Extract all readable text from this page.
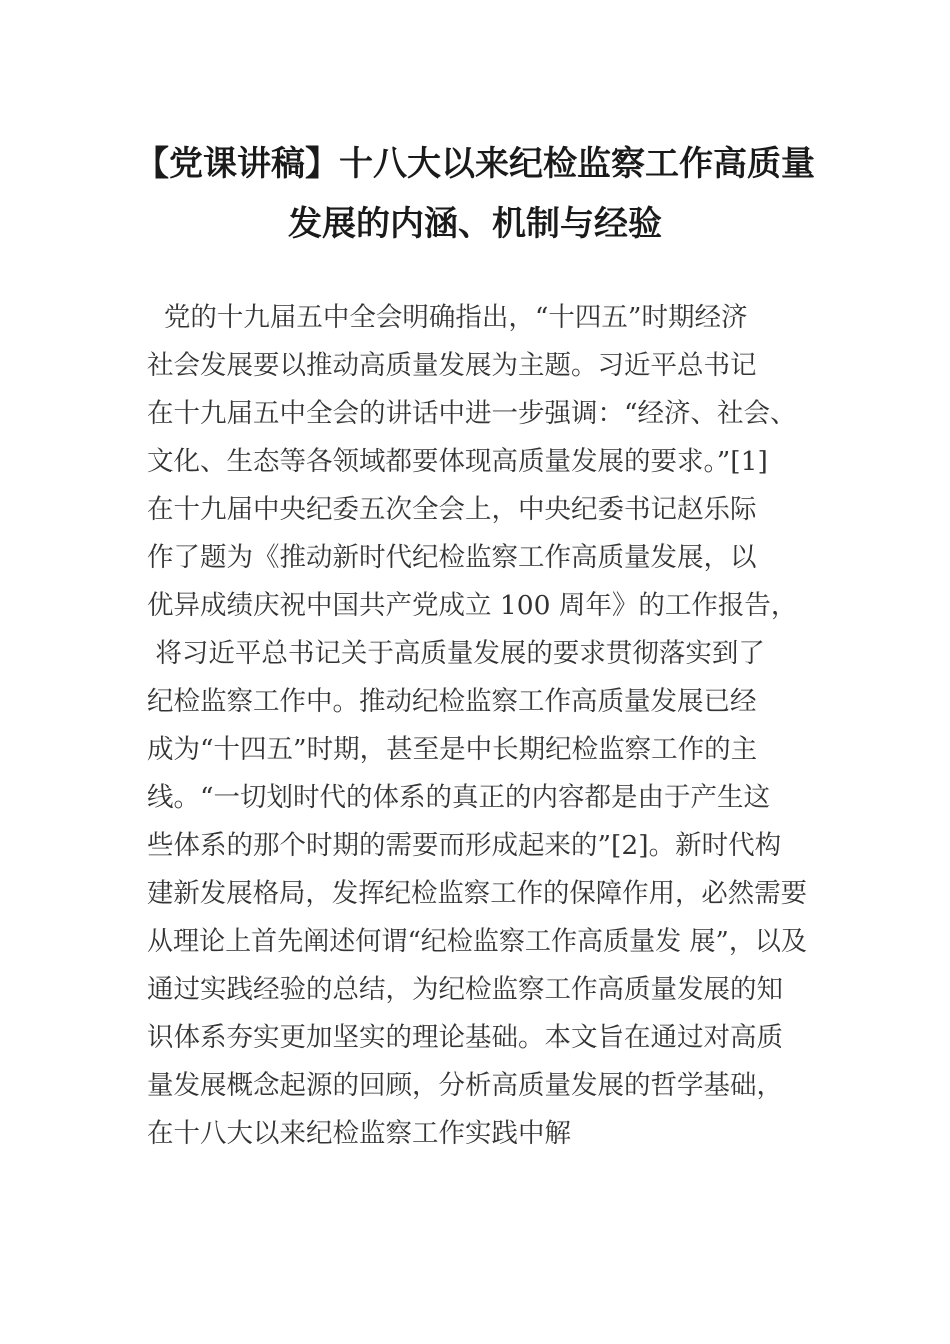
【党课讲稿】十八大以来纪检监察工作高质量
发展的内涵、机制与经验
党的十九届五中全会明确指出，“十四五”时期经济
社会发展要以推动高质量发展为主题。习近平总书记
在十九届五中全会的讲话中进一步强调：“经济、社会、
文化、生态等各领域都要体现高质量发展的要求。”[1]
在十九届中央纪委五次全会上，中央纪委书记赵乐际
作了题为《推动新时代纪检监察工作高质量发展，以
优异成绩庆祝中国共产党成立 100 周年》的工作报告，
将习近平总书记关于高质量发展的要求贯彻落实到了
纪检监察工作中。推动纪检监察工作高质量发展已经
成为“十四五”时期，甚至是中长期纪检监察工作的主
线。“一切划时代的体系的真正的内容都是由于产生这
些体系的那个时期的需要而形成起来的”[2]。新时代构
建新发展格局，发挥纪检监察工作的保障作用，必然需要
从理论上首先阐述何谓“纪检监察工作高质量发 展”，以及
通过实践经验的总结，为纪检监察工作高质量发展的知
识体系夯实更加坚实的理论基础。本文旨在通过对高质
量发展概念起源的回顾，分析高质量发展的哲学基础，
在十八大以来纪检监察工作实践中解
